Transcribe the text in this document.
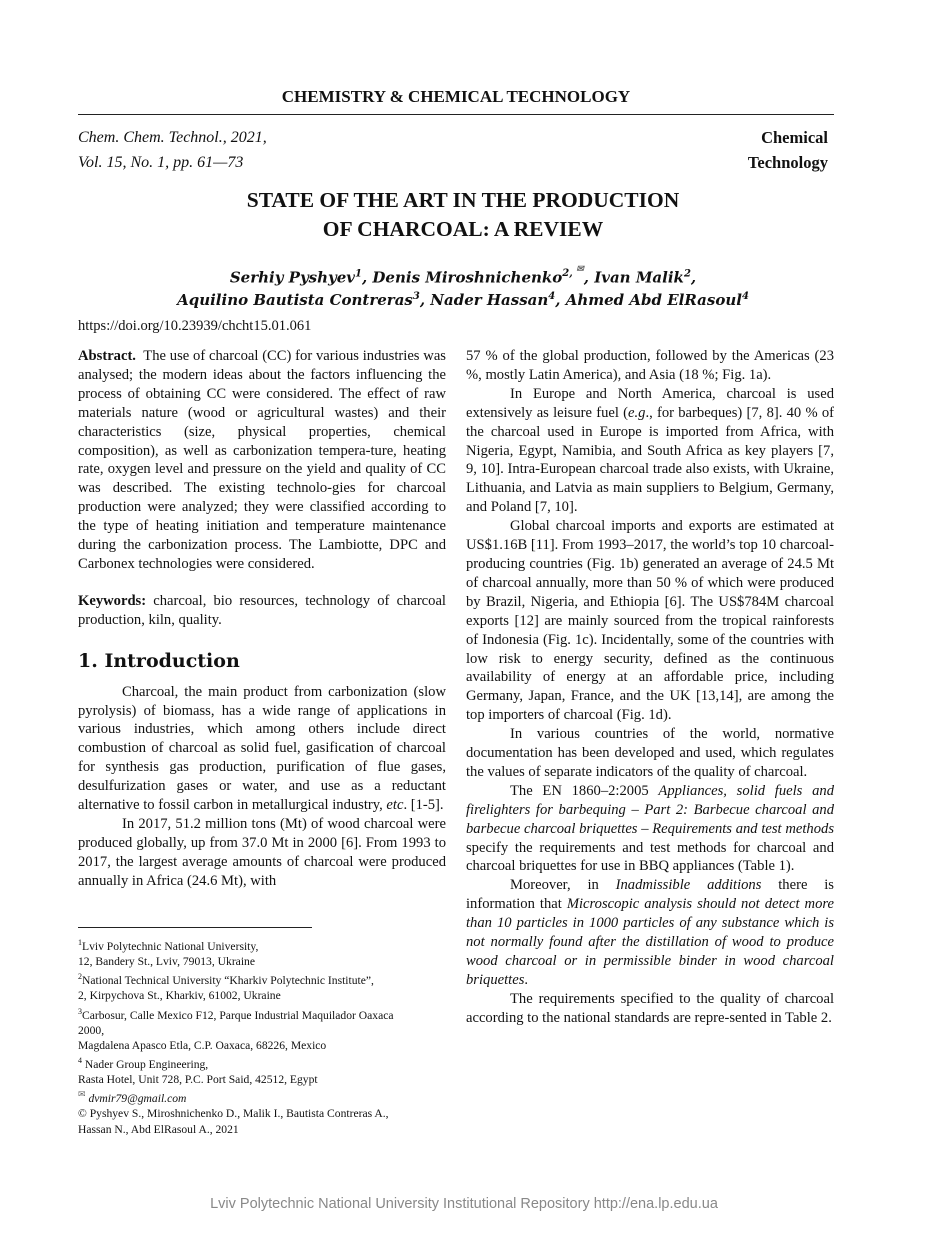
CHEMISTRY & CHEMICAL TECHNOLOGY
Chem. Chem. Technol., 2021,
Vol. 15, No. 1, pp. 61—73
Chemical
Technology
STATE OF THE ART IN THE PRODUCTION
OF CHARCOAL: A REVIEW
Serhiy Pyshyev$^1$, Denis Miroshnichenko$^{2, ✉}$, Ivan Malik$^2$,
Aquilino Bautista Contreras$^3$, Nader Hassan$^4$, Ahmed Abd ElRasoul$^4$
https://doi.org/10.23939/chcht15.01.061

Abstract. The use of charcoal (CC) for various industries was analysed; the modern ideas about the factors influencing the process of obtaining CC were considered. The effect of raw materials nature (wood or agricultural wastes) and their characteristics (size, physical properties, chemical composition), as well as carbonization tempera-ture, heating rate, oxygen level and pressure on the yield and quality of CC was described. The existing technolo-gies for charcoal production were analyzed; they were classified according to the type of heating initiation and temperature maintenance during the carbonization process. The Lambiotte, DPC and Carbonex technologies were considered.

Keywords: charcoal, bio resources, technology of charcoal production, kiln, quality.

1. Introduction

Charcoal, the main product from carbonization (slow pyrolysis) of biomass, has a wide range of applications in various industries, which among others include direct combustion of charcoal as solid fuel, gasification of charcoal for synthesis gas production, purification of flue gases, desulfurization gases or water, and use as a reductant alternative to fossil carbon in metallurgical industry, etc. [1-5].

In 2017, 51.2 million tons (Mt) of wood charcoal were produced globally, up from 37.0 Mt in 2000 [6]. From 1993 to 2017, the largest average amounts of charcoal were produced annually in Africa (24.6 Mt), with

57 % of the global production, followed by the Americas (23 %, mostly Latin America), and Asia (18 %; Fig. 1a).

In Europe and North America, charcoal is used extensively as leisure fuel (e.g., for barbeques) [7, 8]. 40 % of the charcoal used in Europe is imported from Africa, with Nigeria, Egypt, Namibia, and South Africa as key players [7, 9, 10]. Intra-European charcoal trade also exists, with Ukraine, Lithuania, and Latvia as main suppliers to Belgium, Germany, and Poland [7, 10].

Global charcoal imports and exports are estimated at US$1.16B [11]. From 1993–2017, the world’s top 10 charcoal-producing countries (Fig. 1b) generated an average of 24.5 Mt of charcoal annually, more than 50 % of which were produced by Brazil, Nigeria, and Ethiopia [6]. The US$784M charcoal exports [12] are mainly sourced from the tropical rainforests of Indonesia (Fig. 1c). Incidentally, some of the countries with low risk to energy security, defined as the continuous availability of energy at an affordable price, including Germany, Japan, France, and the UK [13,14], are among the top importers of charcoal (Fig. 1d).

In various countries of the world, normative documentation has been developed and used, which regulates the values of separate indicators of the quality of charcoal.

The EN 1860–2:2005 Appliances, solid fuels and firelighters for barbequing – Part 2: Barbecue charcoal and barbecue charcoal briquettes – Requirements and test methods specify the requirements and test methods for charcoal and charcoal briquettes for use in BBQ appliances (Table 1).

Moreover, in Inadmissible additions there is information that Microscopic analysis should not detect more than 10 particles in 1000 particles of any substance which is not normally found after the distillation of wood to produce wood charcoal or in permissible binder in wood charcoal briquettes.

The requirements specified to the quality of charcoal according to the national standards are repre-sented in Table 2.

$^1$Lviv Polytechnic National University,
12, Bandery St., Lviv, 79013, Ukraine
$^2$National Technical University “Kharkiv Polytechnic Institute”,
2, Kirpychova St., Kharkiv, 61002, Ukraine
$^3$Carbosur, Calle Mexico F12, Parque Industrial Maquilador Oaxaca
2000,
Magdalena Apasco Etla, C.P. Oaxaca, 68226, Mexico
$^4$ Nader Group Engineering,
Rasta Hotel, Unit 728, P.C. Port Said, 42512, Egypt
✉ dvmir79@gmail.com
© Pyshyev S., Miroshnichenko D., Malik I., Bautista Contreras A.,
Hassan N., Abd ElRasoul A., 2021
Lviv Polytechnic National University Institutional Repository http://ena.lp.edu.ua
